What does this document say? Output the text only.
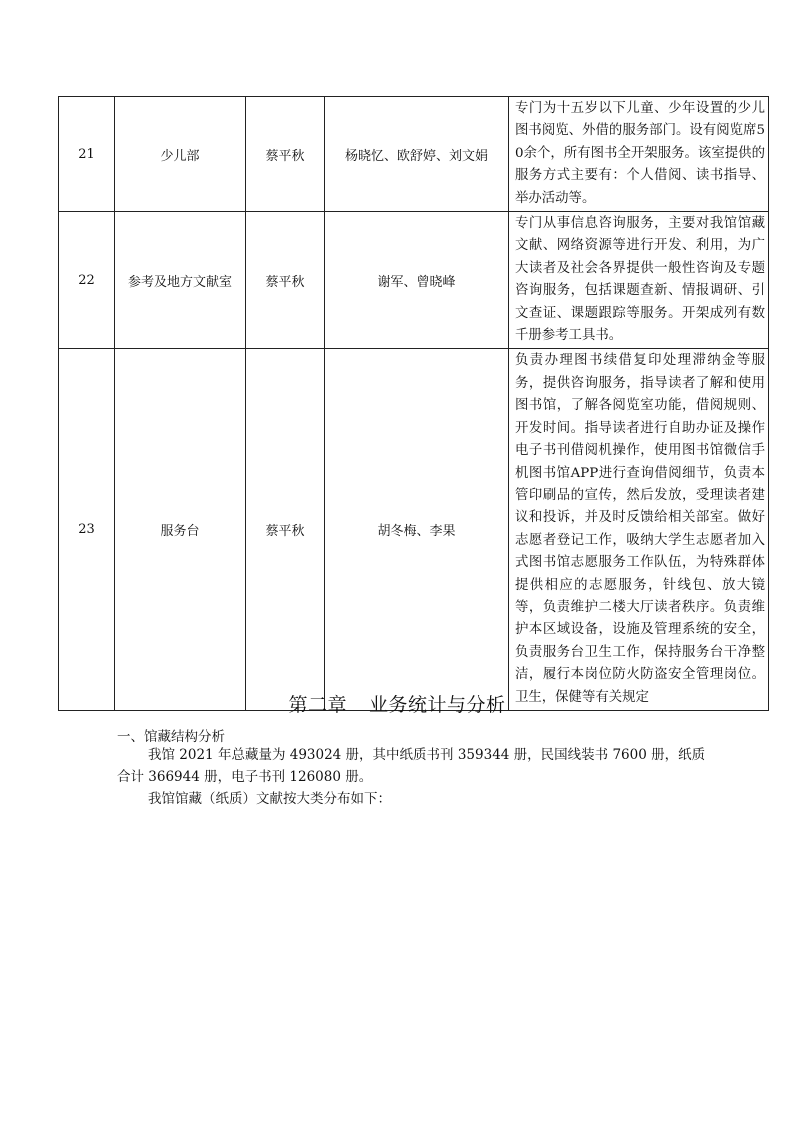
21	少儿部	蔡平秋	杨晓忆、欧舒婷、刘文娟	专门为十五岁以下儿童、少年设置的少儿图书阅览、外借的服务部门。设有阅览席50余个，所有图书全开架服务。该室提供的服务方式主要有：个人借阅、读书指导、举办活动等。
22	参考及地方文献室	蔡平秋	谢军、曾晓峰	专门从事信息咨询服务，主要对我馆馆藏文献、网络资源等进行开发、利用，为广大读者及社会各界提供一般性咨询及专题咨询服务，包括课题查新、情报调研、引文查证、课题跟踪等服务。开架成列有数千册参考工具书。
23	服务台	蔡平秋	胡冬梅、李果	负责办理图书续借复印处理滞纳金等服务，提供咨询服务，指导读者了解和使用图书馆，了解各阅览室功能，借阅规则、开发时间。指导读者进行自助办证及操作电子书刊借阅机操作，使用图书馆微信手机图书馆APP进行查询借阅细节，负责本管印刷品的宣传，然后发放，受理读者建议和投诉，并及时反馈给相关部室。做好志愿者登记工作，吸纳大学生志愿者加入式图书馆志愿服务工作队伍，为特殊群体提供相应的志愿服务，针线包、放大镜等，负责维护二楼大厅读者秩序。负责维护本区域设备，设施及管理系统的安全，负责服务台卫生工作，保持服务台干净整洁，履行本岗位防火防盗安全管理岗位。卫生，保健等有关规定
第二章 业务统计与分析
一、馆藏结构分析
我馆 2021 年总藏量为 493024 册，其中纸质书刊 359344 册，民国线装书 7600 册，纸质
合计 366944 册，电子书刊 126080 册。
我馆馆藏（纸质）文献按大类分布如下：
